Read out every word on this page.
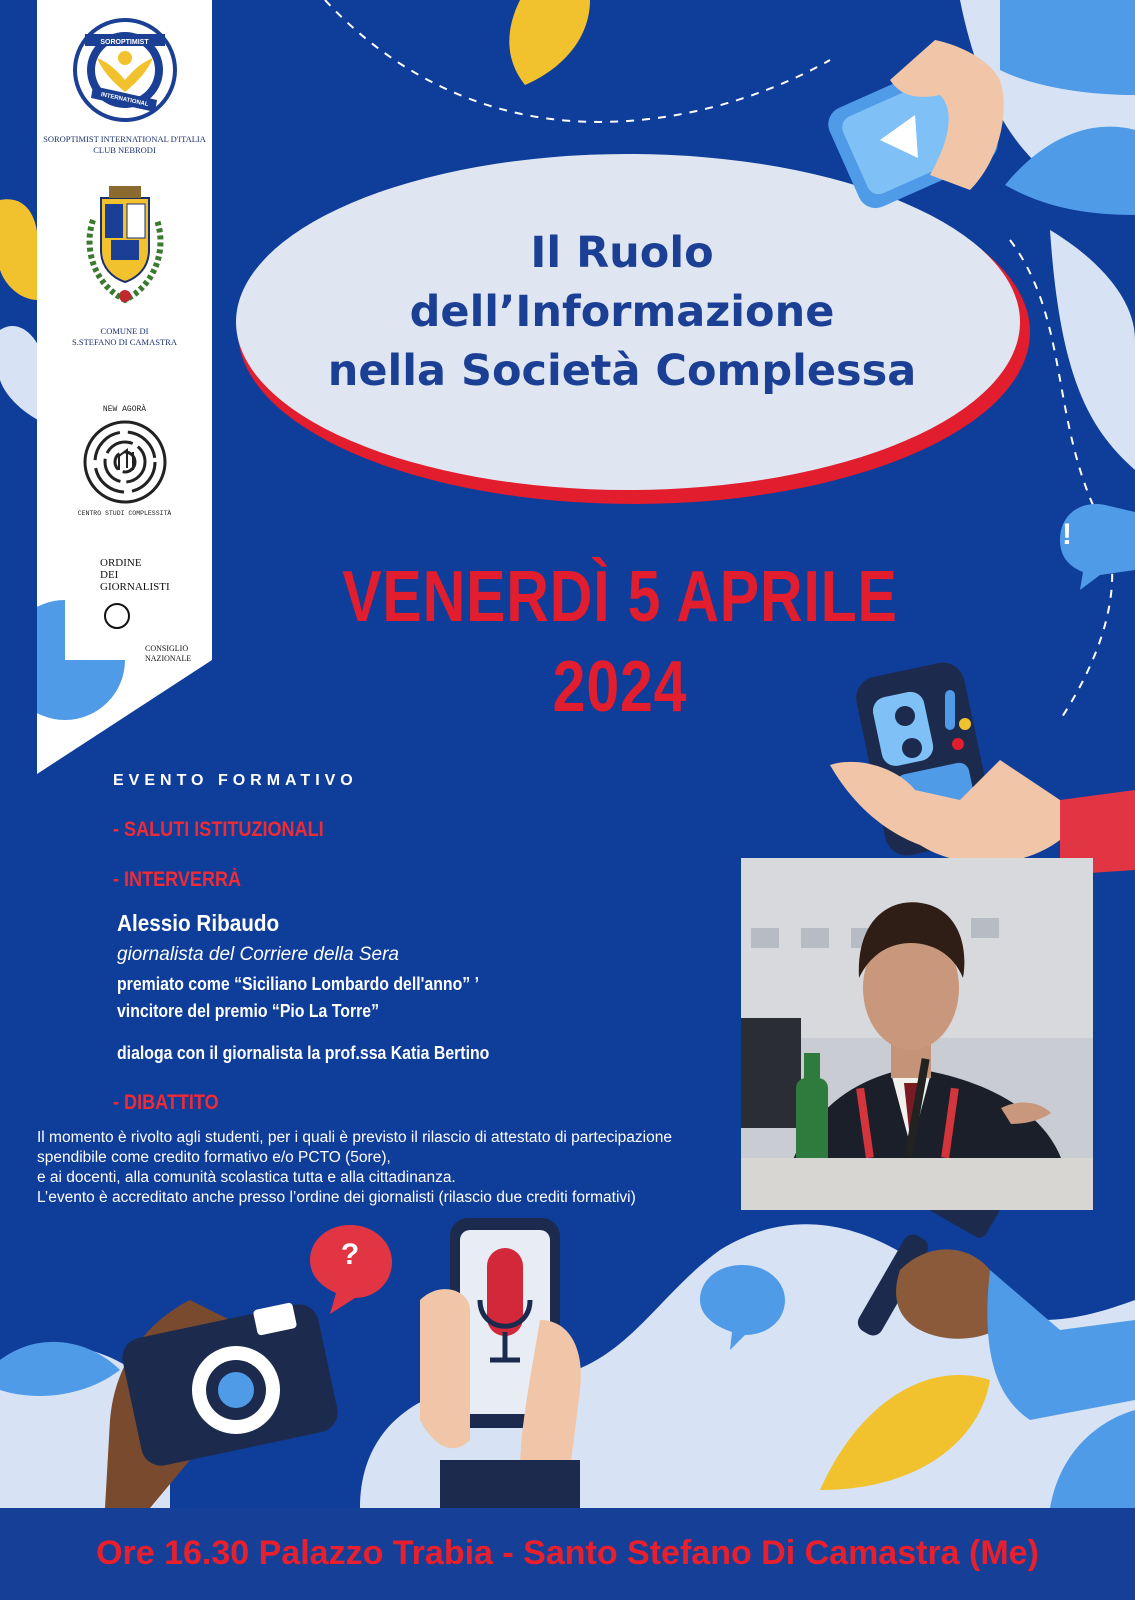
SOROPTIMIST INTERNATIONAL D'ITALIA
CLUB NEBRODI
COMUNE DI
S.STEFANO DI CAMASTRA
SOROPTIMIST
INTERNATIONAL
NEW AGORÀ
CENTRO STUDI COMPLESSITÀ
ORDINE
DEI
GIORNALISTI
CONSIGLIO
NAZIONALE
!
?
Il Ruolo
dell’Informazione
nella Società Complessa
VENERDÌ 5 APRILE 2024
EVENTO FORMATIVO
- SALUTI ISTITUZIONALI
- INTERVERRÀ
Alessio Ribaudo
giornalista del Corriere della Sera
premiato come “Siciliano Lombardo dell'anno” ’
vincitore del premio “Pio La Torre”
dialoga con il giornalista la prof.ssa Katia Bertino
- DIBATTITO
Il momento è rivolto agli studenti, per i quali è previsto il rilascio di attestato di partecipazione
spendibile come credito formativo e/o PCTO (5ore),
e ai docenti, alla comunità scolastica tutta e alla cittadinanza.
L’evento è accreditato anche presso l’ordine dei giornalisti (rilascio due crediti formativi)
Ore 16.30 Palazzo Trabia - Santo Stefano Di Camastra (Me)
